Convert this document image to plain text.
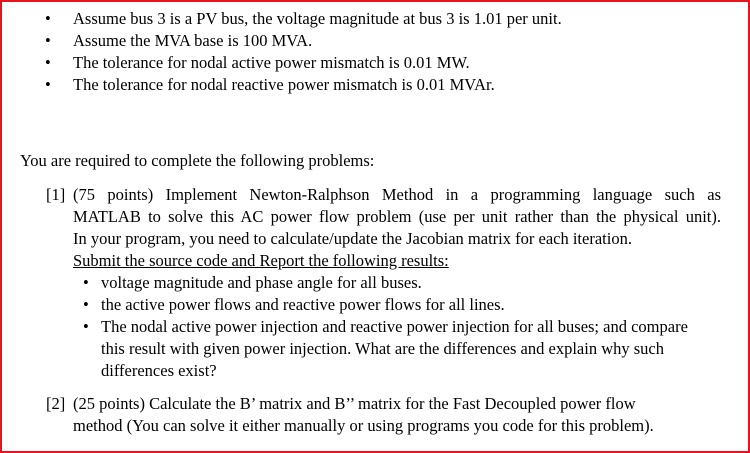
• Assume bus 3 is a PV bus, the voltage magnitude at bus 3 is 1.01 per unit.
• Assume the MVA base is 100 MVA.
• The tolerance for nodal active power mismatch is 0.01 MW.
• The tolerance for nodal reactive power mismatch is 0.01 MVAr.
You are required to complete the following problems:
[1] (75 points) Implement Newton-Ralphson Method in a programming language such as
MATLAB to solve this AC power flow problem (use per unit rather than the physical unit).
In your program, you need to calculate/update the Jacobian matrix for each iteration.
Submit the source code and Report the following results:
• voltage magnitude and phase angle for all buses.
• the active power flows and reactive power flows for all lines.
• The nodal active power injection and reactive power injection for all buses; and compare this result with given power injection. What are the differences and explain why such differences exist?
[2] (25 points) Calculate the B’ matrix and B’’ matrix for the Fast Decoupled power flow
method (You can solve it either manually or using programs you code for this problem).
